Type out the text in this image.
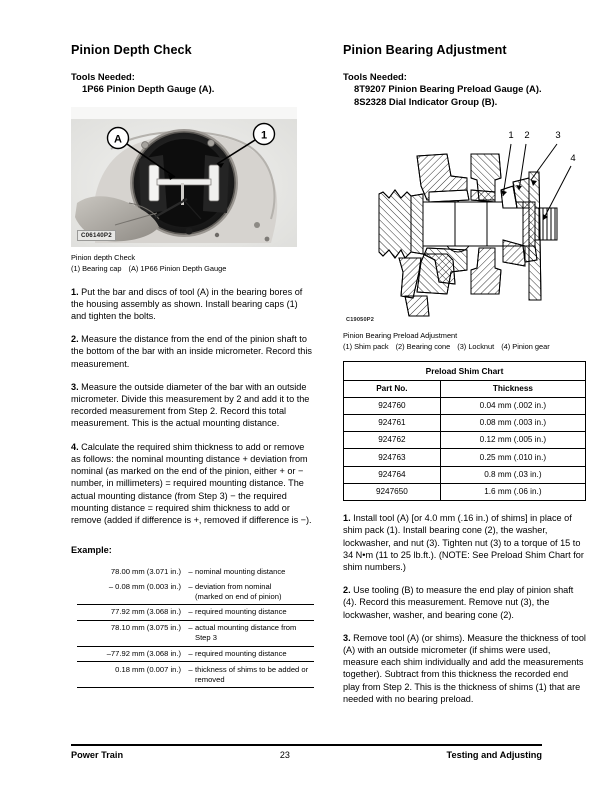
Pinion Depth Check

Tools Needed:

1P66 Pinion Depth Gauge (A).

A	1
C06140P2
Pinion depth Check
(1) Bearing cap (A) 1P66 Pinion Depth Gauge

1. Put the bar and discs of tool (A) in the bearing bores of the housing assembly as shown. Install bearing caps (1) and tighten the bolts.

2. Measure the distance from the end of the pinion shaft to the bottom of the bar with an inside micrometer. Record this measurement.

3. Measure the outside diameter of the bar with an outside micrometer. Divide this measurement by 2 and add it to the recorded measurement from Step 2. Record this total measurement. This is the actual mounting distance.

4. Calculate the required shim thickness to add or remove as follows: the nominal mounting distance + deviation from nominal (as marked on the end of the pinion, either + or − number, in millimeters) = required mounting distance. The actual mounting distance (from Step 3) − the required mounting distance = required shim thickness to add or remove (added if difference is +, removed if difference is −).

Example:

78.00 mm (3.071 in.)	–	nominal mounting distance
– 0.08 mm (0.003 in.)	–	deviation from nominal
(marked on end of pinion)
77.92 mm (3.068 in.)	–	required mounting distance
78.10 mm (3.075 in.)	–	actual mounting distance from Step 3
–77.92 mm (3.068 in.)	–	required mounting distance
0.18 mm (0.007 in.)	–	thickness of shims to be added or
removed
Pinion Bearing Adjustment

Tools Needed:

8T9207 Pinion Bearing Preload Gauge (A).

8S2328 Dial Indicator Group (B).

1 2	3
4
C19050P2
Pinion Bearing Preload Adjustment
(1) Shim pack (2) Bearing cone (3) Locknut (4) Pinion gear
Preload Shim Chart	
Part No.	Thickness
924760	0.04 mm (.002 in.)
924761	0.08 mm (.003 in.)
924762	0.12 mm (.005 in.)
924763	0.25 mm (.010 in.)
924764	0.8 mm (.03 in.)
9247650	1.6 mm (.06 in.)

1. Install tool (A) [or 4.0 mm (.16 in.) of shims] in place of shim pack (1). Install bearing cone (2), the washer, lockwasher, and nut (3). Tighten nut (3) to a torque of 15 to 34 N•m (11 to 25 lb.ft.). (NOTE: See Preload Shim Chart for shim numbers.)

2. Use tooling (B) to measure the end play of pinion shaft (4). Record this measurement. Remove nut (3), the lockwasher, washer, and bearing cone (2).

3. Remove tool (A) (or shims). Measure the thickness of tool (A) with an outside micrometer (if shims were used, measure each shim individually and add the measurements together). Subtract from this thickness the recorded end play from Step 2. This is the thickness of shims (1) that are needed with no bearing preload.

Power Train	23	Testing and Adjusting
